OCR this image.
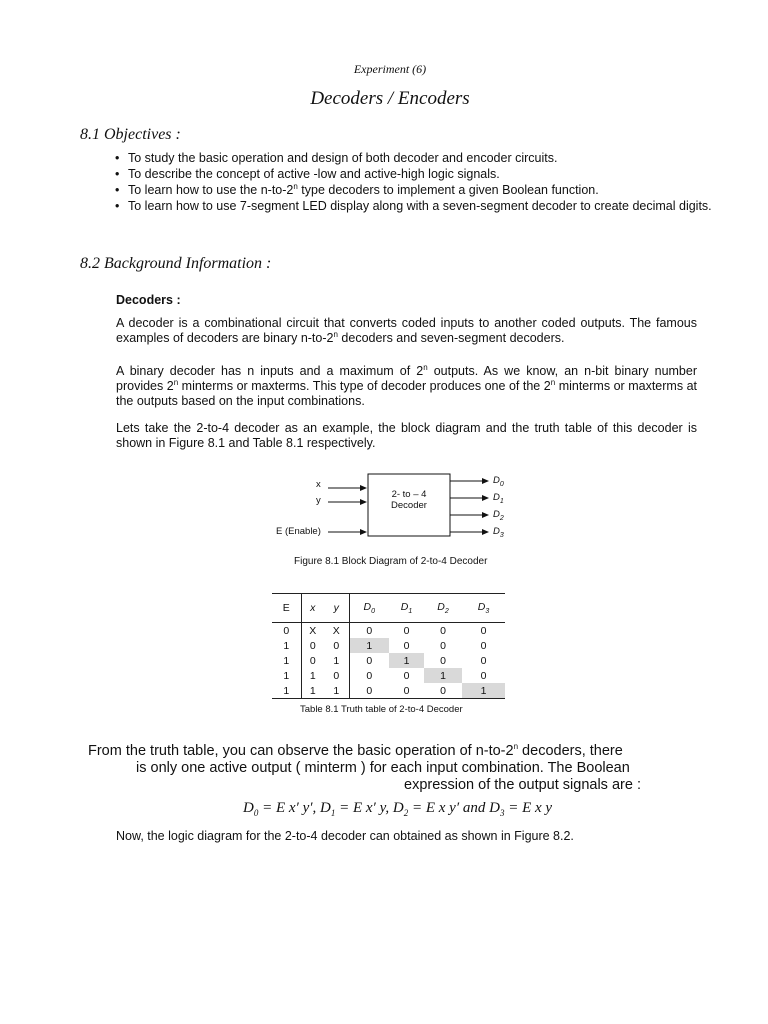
Experiment (6)
Decoders / Encoders
8.1 Objectives :
• To study the basic operation and design of both decoder and encoder circuits.
• To describe the concept of active -low and active-high logic signals.
• To learn how to use the n-to-2$^n$ type decoders to implement a given Boolean function.
• To learn how to use 7-segment LED display along with a seven-segment decoder to create decimal digits.
8.2 Background Information :
Decoders :
A decoder is a combinational circuit that converts coded inputs to another coded outputs. The famous examples of decoders are binary n-to-2$^n$ decoders and seven-segment decoders.
A binary decoder has n inputs and a maximum of 2$^n$ outputs. As we know, an n-bit binary number provides 2$^n$ minterms or maxterms. This type of decoder produces one of the 2$^n$ minterms or maxterms at the outputs based on the input combinations.
Lets take the 2-to-4 decoder as an example, the block diagram and the truth table of this decoder is shown in Figure 8.1 and Table 8.1 respectively.
x
y
E (Enable)
2- to – 4
Decoder
$D_0$
$D_1$
$D_2$
$D_3$
Figure 8.1 Block Diagram of 2-to-4 Decoder
E	x	y	$D_0$	$D_1$	$D_2$	$D_3$
0	X	X	0	0	0	0
1	0	0	1	0	0	0
1	0	1	0	1	0	0
1	1	0	0	0	1	0
1	1	1	0	0	0	1
Table 8.1 Truth table of 2-to-4 Decoder
From the truth table, you can observe the basic operation of n-to-2$^n$ decoders, there
is only one active output ( minterm ) for each input combination. The Boolean
expression of the output signals are :
$D_0 = E$ x′ y′, $D_1 = E$ x′ y, $D_2 = E$ x y′ and $D_3 = E$ x y
Now, the logic diagram for the 2-to-4 decoder can obtained as shown in Figure 8.2.
